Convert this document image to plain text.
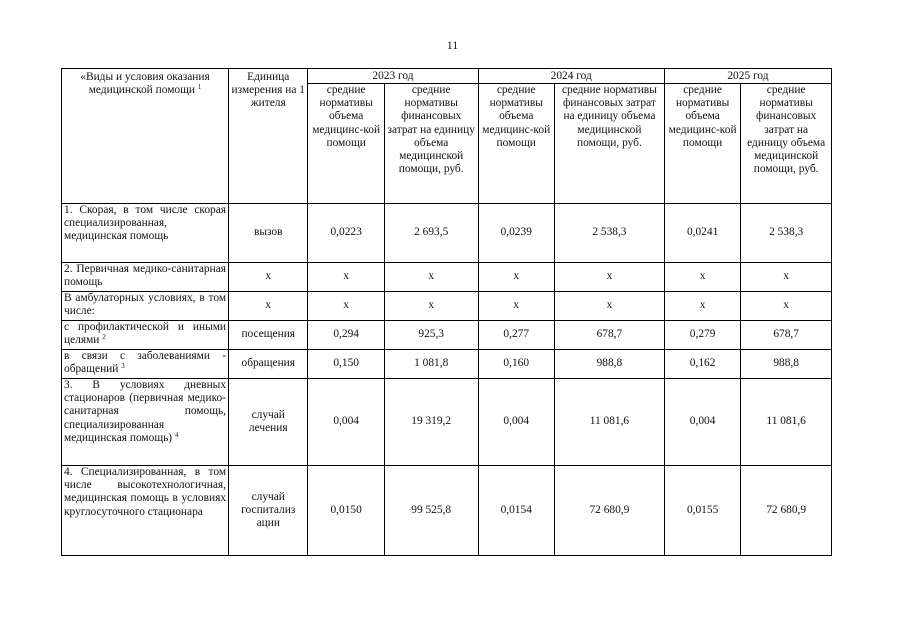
11
«Виды и условия оказания медицинской помощи $^1$	Единица измерения на 1 жителя	2023 год		2024 год		2025 год	
		средние нормативы объема медицинс-кой помощи	средние нормативы финансовых затрат на единицу объема медицинской помощи, руб.	средние нормативы объема медицинс-кой помощи	средние нормативы финансовых затрат на единицу объема медицинской помощи, руб.	средние нормативы объема медицинс-кой помощи	средние нормативы финансовых затрат на единицу объема медицинской помощи, руб.
1. Скорая, в том числе скорая специализированная, медицинская помощь	вызов	0,0223	2 693,5	0,0239	2 538,3	0,0241	2 538,3
2. Первичная медико-санитарная помощь	х	х	х	х	х	х	х
В амбулаторных условиях, в том числе:	х	х	х	х	х	х	х
с профилактической и иными целями $^2$	посещения	0,294	925,3	0,277	678,7	0,279	678,7
в связи с заболеваниями - обращений $^3$	обращения	0,150	1 081,8	0,160	988,8	0,162	988,8
3. В условиях дневных стационаров (первичная медико-санитарная помощь, специализированная медицинская помощь) $^4$	случай лечения	0,004	19 319,2	0,004	11 081,6	0,004	11 081,6
4. Специализированная, в том числе высокотехнологичная, медицинская помощь в условиях круглосуточного стационара	случай госпитализ ации	0,0150	99 525,8	0,0154	72 680,9	0,0155	72 680,9
